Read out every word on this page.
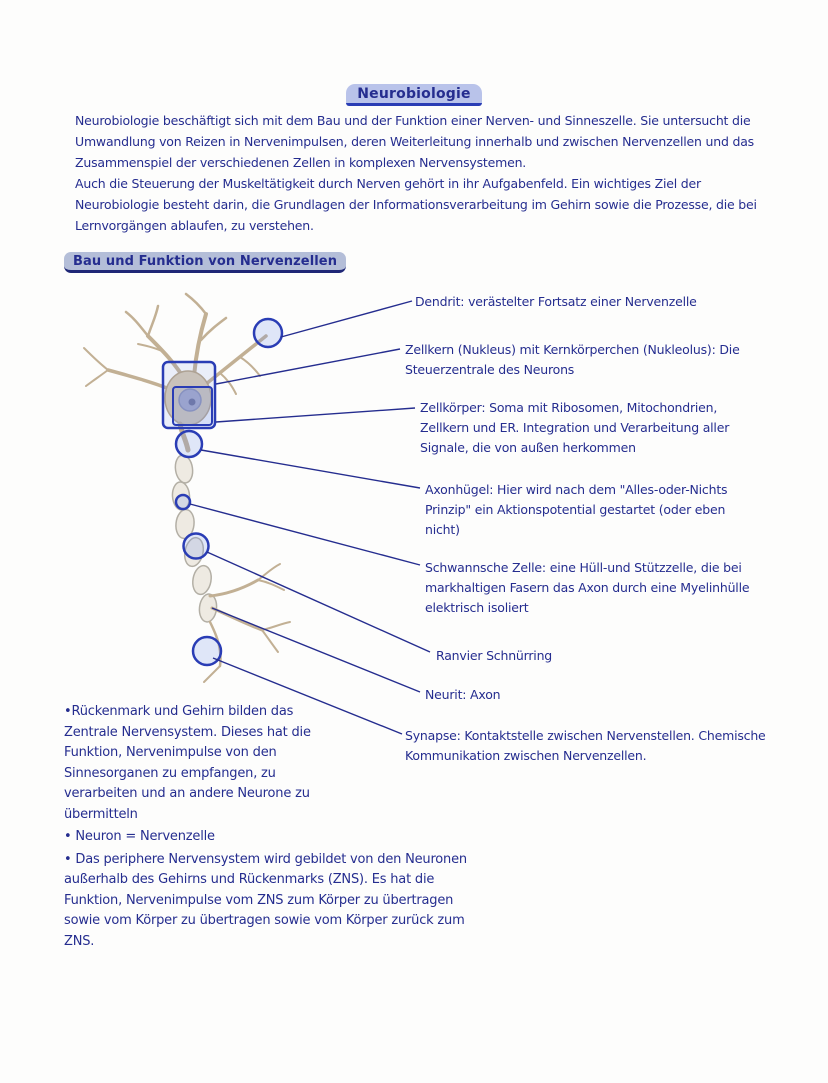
Neurobiologie

Neurobiologie beschäftigt sich mit dem Bau und der Funktion einer Nerven- und Sinneszelle. Sie untersucht die Umwandlung von Reizen in Nervenimpulsen, deren Weiterleitung innerhalb und zwischen Nervenzellen und das Zusammenspiel der verschiedenen Zellen in komplexen Nervensystemen.

Auch die Steuerung der Muskeltätigkeit durch Nerven gehört in ihr Aufgabenfeld. Ein wichtiges Ziel der Neurobiologie besteht darin, die Grundlagen der Informationsverarbeitung im Gehirn sowie die Prozesse, die bei Lernvorgängen ablaufen, zu verstehen.

Bau und Funktion von Nervenzellen
Dendrit: verästelter Fortsatz einer Nervenzelle
Zellkern (Nukleus) mit Kernkörperchen (Nukleolus): Die Steuerzentrale des Neurons
Zellkörper: Soma mit Ribosomen, Mitochondrien, Zellkern und ER. Integration und Verarbeitung aller Signale, die von außen herkommen
Axonhügel: Hier wird nach dem "Alles-oder-Nichts Prinzip" ein Aktionspotential gestartet (oder eben nicht)
Schwannsche Zelle: eine Hüll-und Stützzelle, die bei markhaltigen Fasern das Axon durch eine Myelinhülle elektrisch isoliert
Ranvier Schnürring
Neurit: Axon
Synapse: Kontaktstelle zwischen Nervenstellen. Chemische Kommunikation zwischen Nervenzellen.
•Rückenmark und Gehirn bilden das Zentrale Nervensystem. Dieses hat die Funktion, Nervenimpulse von den Sinnesorganen zu empfangen, zu verarbeiten und an andere Neurone zu übermitteln
• Neuron = Nervenzelle
• Das periphere Nervensystem wird gebildet von den Neuronen außerhalb des Gehirns und Rückenmarks (ZNS). Es hat die Funktion, Nervenimpulse vom ZNS zum Körper zu übertragen sowie vom Körper zu übertragen sowie vom Körper zurück zum ZNS.
